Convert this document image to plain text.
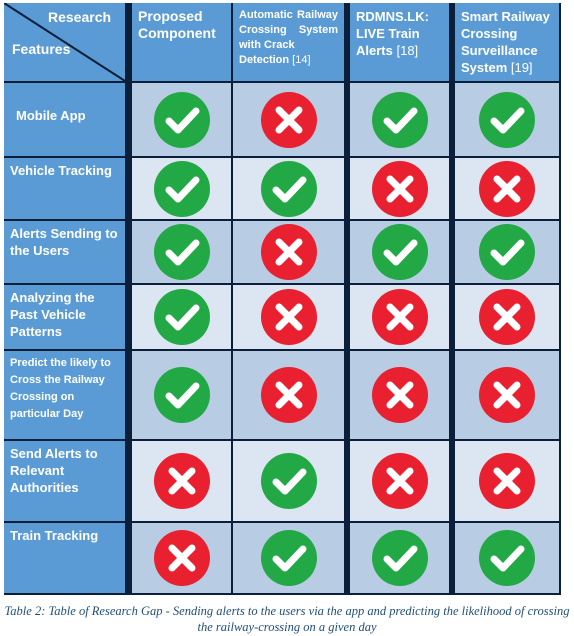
Research
Features
Proposed
Component
Automatic Railway
Crossing System
with Crack
Detection [14]
RDMNS.LK:
LIVE Train
Alerts [18]
Smart Railway
Crossing
Surveillance
System [19]
Mobile App
Vehicle Tracking
Alerts Sending to
the Users
Analyzing the
Past Vehicle
Patterns
Predict the likely to
Cross the Railway
Crossing on
particular Day
Send Alerts to
Relevant
Authorities
Train Tracking
Table 2: Table of Research Gap - Sending alerts to the users via the app and predicting the likelihood of crossing the railway-crossing on a given day
